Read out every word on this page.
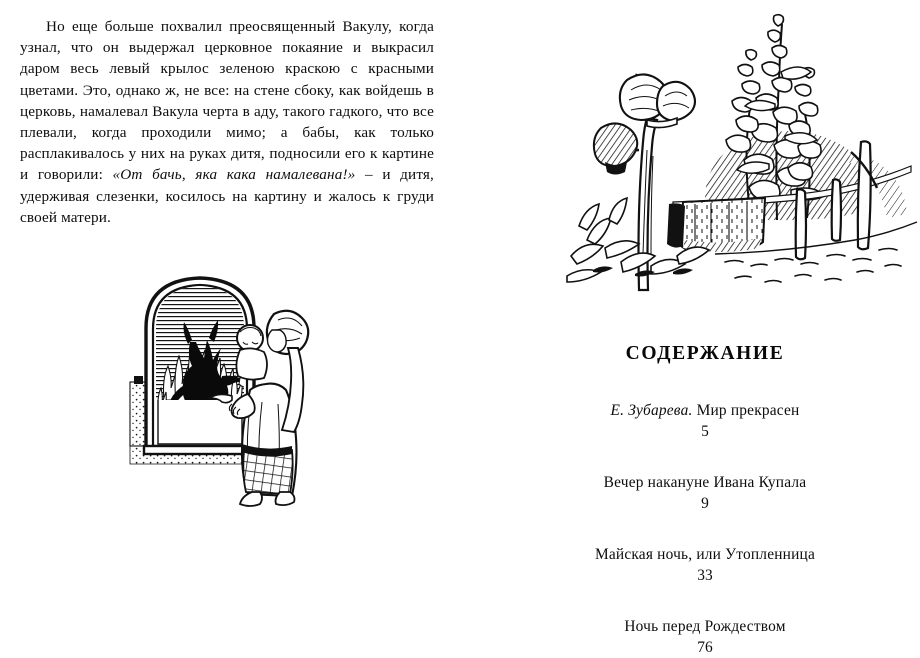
Но еще больше похвалил преосвященный Вакулу, когда узнал, что он выдержал церковное покаяние и выкрасил даром весь левый крылос зеленою краскою с красными цветами. Это, однако ж, не все: на стене сбоку, как войдешь в церковь, намалевал Вакула черта в аду, такого гадкого, что все плевали, когда проходили мимо; а бабы, как только расплакивалось у них на руках дитя, подносили его к картине и говорили: «От бачь, яка кака намалевана!» – и дитя, удерживая слезенки, косилось на картину и жалось к груди своей матери.
СОДЕРЖАНИЕ
Е. Зубарева. Мир прекрасен
5
Вечер накануне Ивана Купала
9
Майская ночь, или Утопленница
33
Ночь перед Рождеством
76
